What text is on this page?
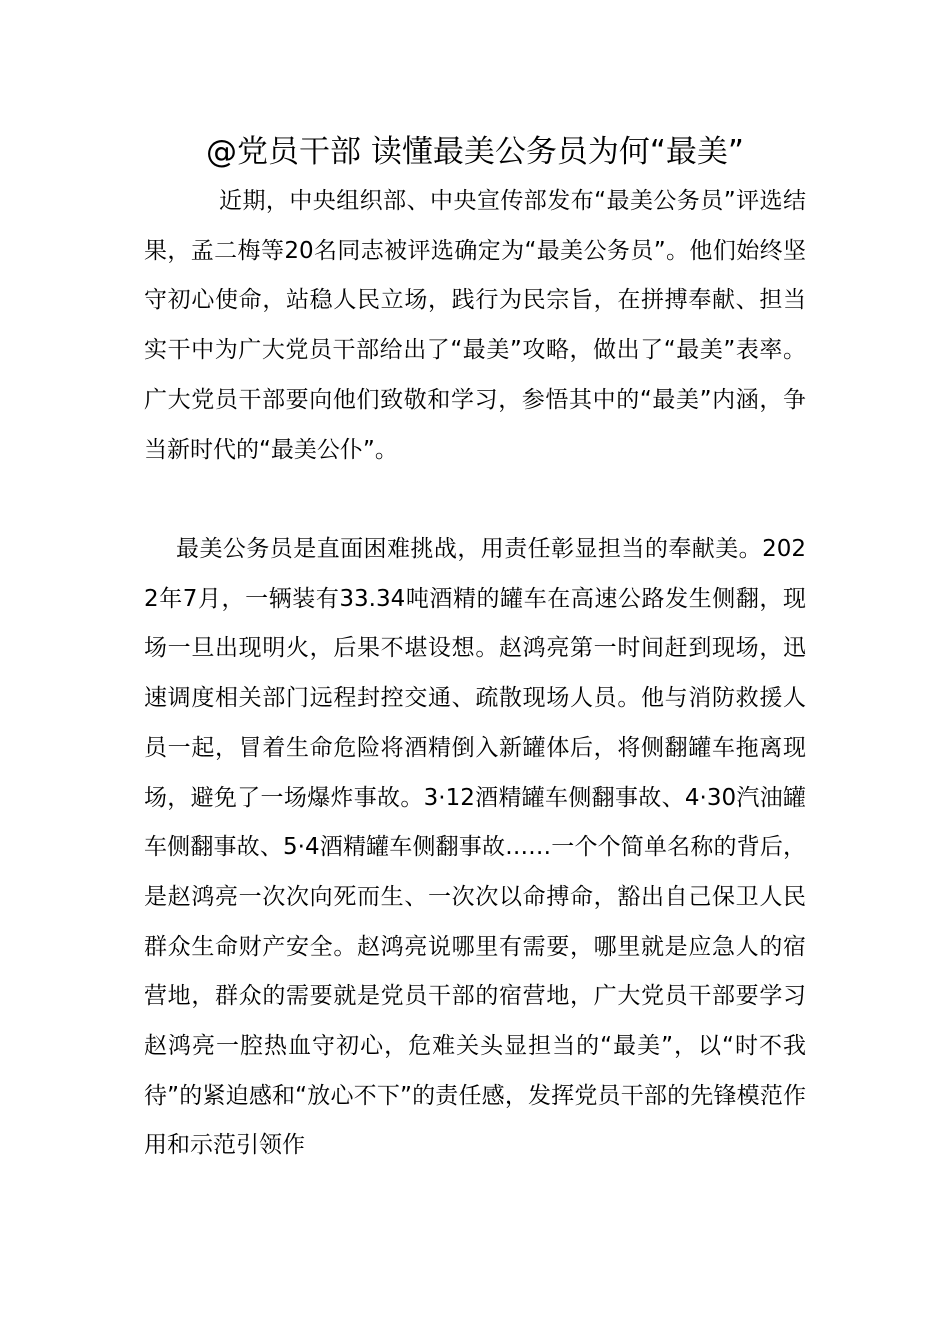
@党员干部 读懂最美公务员为何“最美”

近期，中央组织部、中央宣传部发布“最美公务员”评选结果，孟二梅等20名同志被评选确定为“最美公务员”。他们始终坚守初心使命，站稳人民立场，践行为民宗旨，在拼搏奉献、担当实干中为广大党员干部给出了“最美”攻略，做出了“最美”表率。广大党员干部要向他们致敬和学习，参悟其中的“最美”内涵，争当新时代的“最美公仆”。

最美公务员是直面困难挑战，用责任彰显担当的奉献美。2022年7月，一辆装有33.34吨酒精的罐车在高速公路发生侧翻，现场一旦出现明火，后果不堪设想。赵鸿亮第一时间赶到现场，迅速调度相关部门远程封控交通、疏散现场人员。他与消防救援人员一起，冒着生命危险将酒精倒入新罐体后，将侧翻罐车拖离现场，避免了一场爆炸事故。3·12酒精罐车侧翻事故、4·30汽油罐车侧翻事故、5·4酒精罐车侧翻事故……一个个简单名称的背后，是赵鸿亮一次次向死而生、一次次以命搏命，豁出自己保卫人民群众生命财产安全。赵鸿亮说哪里有需要，哪里就是应急人的宿营地，群众的需要就是党员干部的宿营地，广大党员干部要学习赵鸿亮一腔热血守初心，危难关头显担当的“最美”，以“时不我待”的紧迫感和“放心不下”的责任感，发挥党员干部的先锋模范作用和示范引领作
